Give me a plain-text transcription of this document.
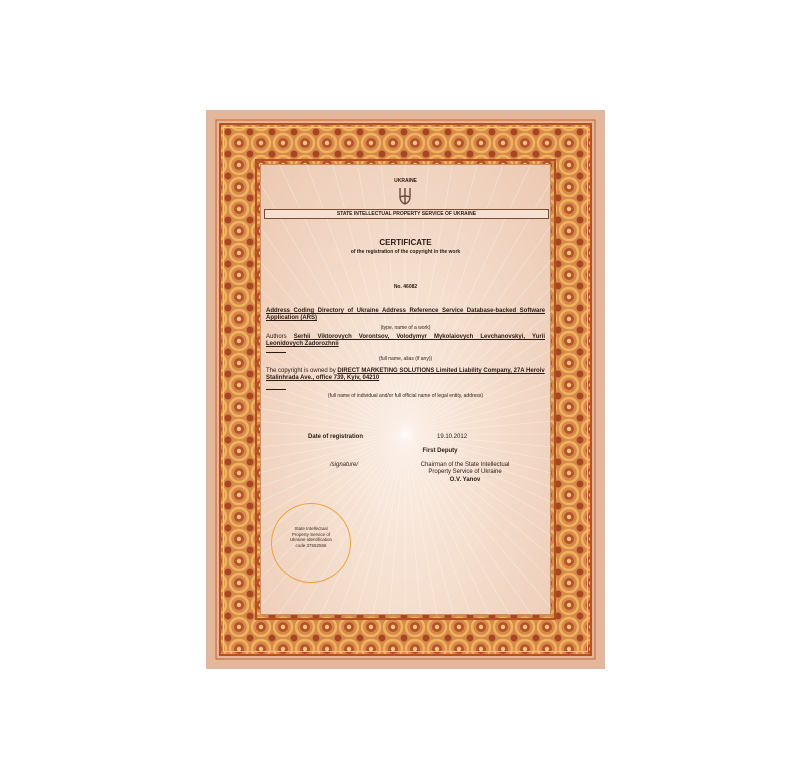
UKRAINE
STATE INTELLECTUAL PROPERTY SERVICE OF UKRAINE
CERTIFICATE
of the registration of the copyright in the work
No. 46082
Address Coding Directory of Ukraine Address Reference Service Database-backed Software Application (ARS)
(type, name of a work)
Authors Serhii Viktorovych Vorontsov, Volodymyr Mykolaiovych Levchanovskyi, Yurii Leonidovych Zadorozhnii
(full name, alias (if any))
The copyright is owned by DIRECT MARKETING SOLUTIONS Limited Liability Company, 27A Heroiv Stalinhrada Ave., office 739, Kyiv, 04210
(full name of individual and/or full official name of legal entity, address)
Date of registration	19.10.2012
First Deputy
/signature/	Chairman of the State Intellectual Property Service of Ukraine
O.V. Yanov
State Intellectual Property Service of Ukraine Identification code 37552556
